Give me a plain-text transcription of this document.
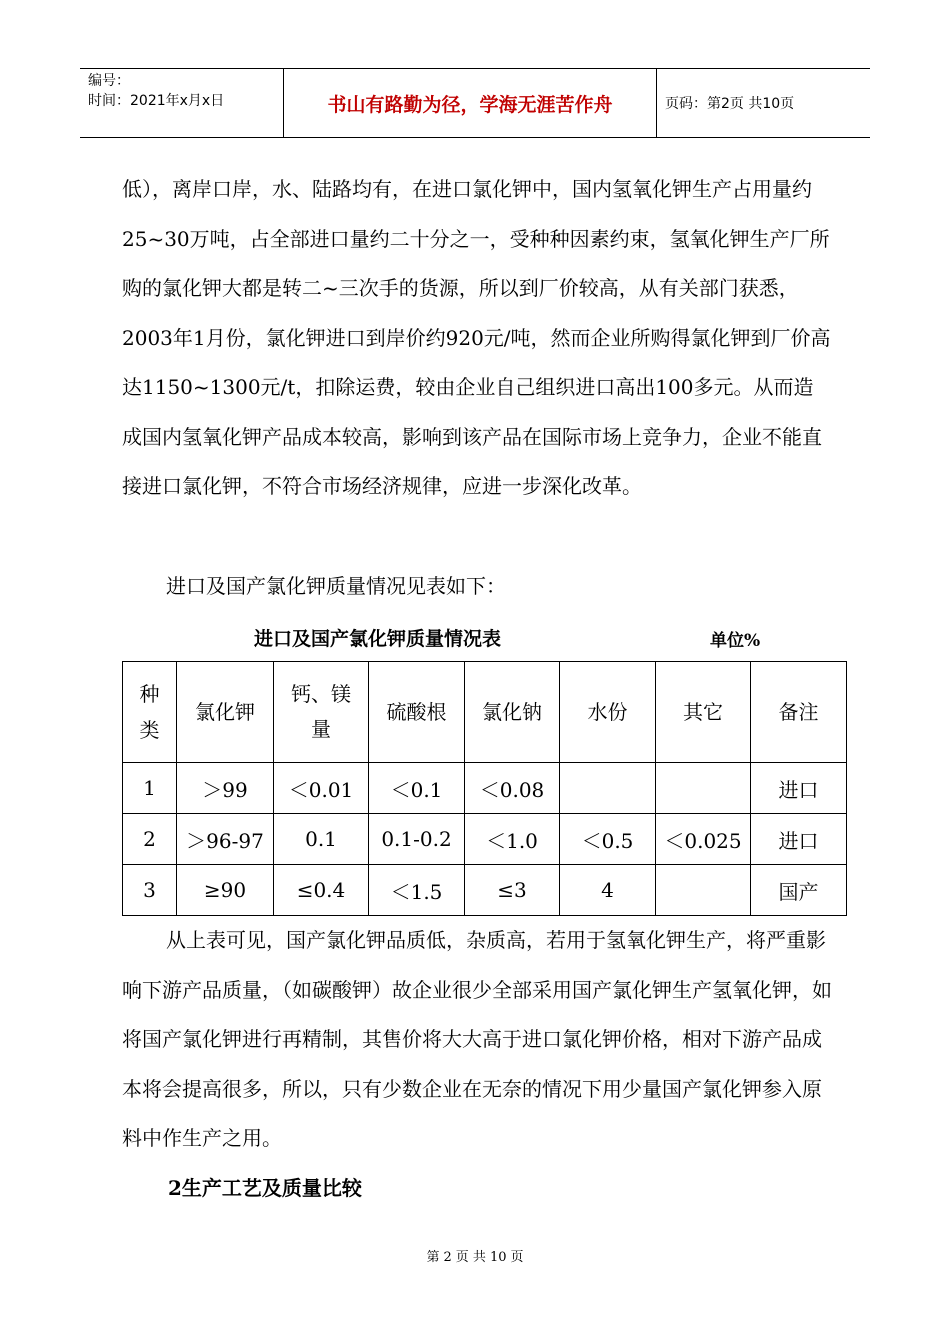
编号：
时间：2021年x月x日	书山有路勤为径，学海无涯苦作舟	页码：第2页 共10页

低），离岸口岸，水、陆路均有，在进口氯化钾中，国内氢氧化钾生产占用量约25~30万吨，占全部进口量约二十分之一，受种种因素约束，氢氧化钾生产厂所购的氯化钾大都是转二~三次手的货源，所以到厂价较高，从有关部门获悉，2003年1月份，氯化钾进口到岸价约920元/吨，然而企业所购得氯化钾到厂价高达1150~1300元/t，扣除运费，较由企业自己组织进口高出100多元。从而造成国内氢氧化钾产品成本较高，影响到该产品在国际市场上竞争力，企业不能直接进口氯化钾，不符合市场经济规律，应进一步深化改革。

进口及国产氯化钾质量情况见表如下：

进口及国产氯化钾质量情况表	单位%
种类	氯化钾	钙、镁量	硫酸根	氯化钠	水份	其它	备注
1	＞99	＜0.01	＜0.1	＜0.08			进口
2	＞96-97	0.1	0.1-0.2	＜1.0	＜0.5	＜0.025	进口
3	≥90	≤0.4	＜1.5	≤3	4		国产

从上表可见，国产氯化钾品质低，杂质高，若用于氢氧化钾生产，将严重影响下游产品质量，（如碳酸钾）故企业很少全部采用国产氯化钾生产氢氧化钾，如将国产氯化钾进行再精制，其售价将大大高于进口氯化钾价格，相对下游产品成本将会提高很多，所以，只有少数企业在无奈的情况下用少量国产氯化钾参入原料中作生产之用。

2生产工艺及质量比较
第 2 页 共 10 页
